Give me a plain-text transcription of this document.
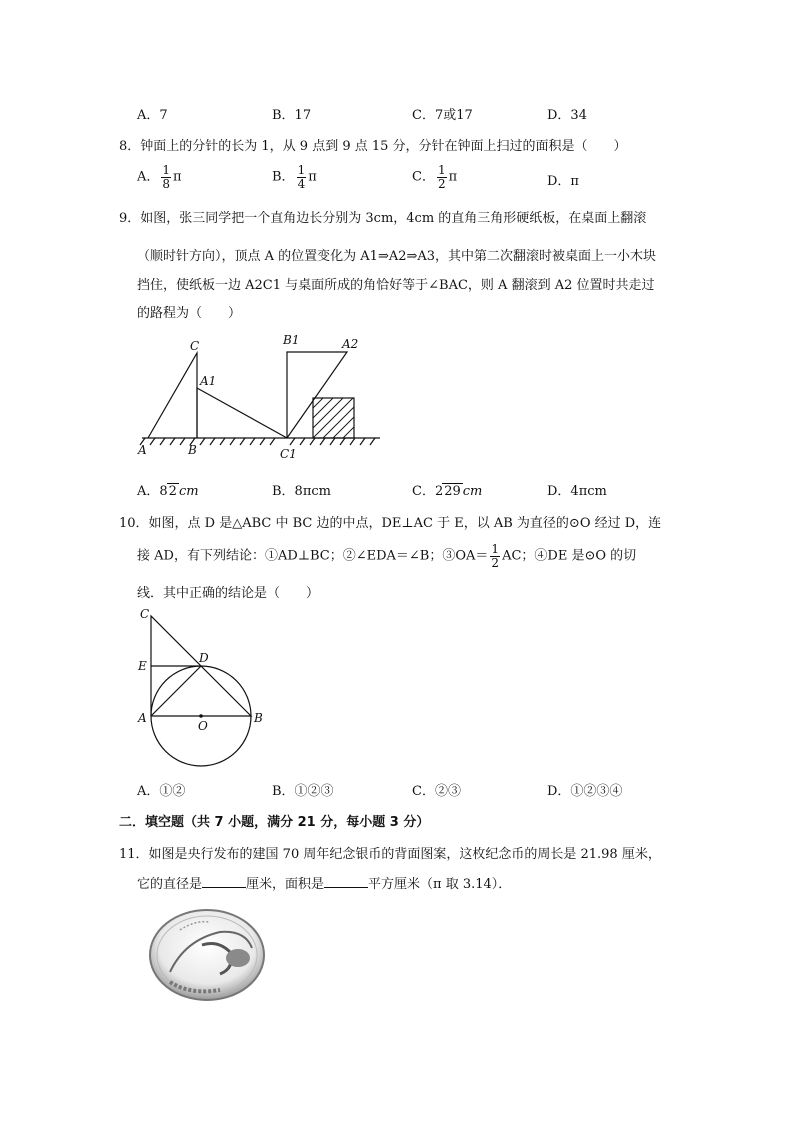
A．7	B．17	C．7或17	D．34
8．钟面上的分针的长为 1，从 9 点到 9 点 15 分，分针在钟面上扫过的面积是（　　）
A． $\frac{1}{8}$ π	B． $\frac{1}{4}$ π	C． $\frac{1}{2}$ π	D．π
9．如图，张三同学把一个直角边长分别为 3cm，4cm 的直角三角形硬纸板，在桌面上翻滚
（顺时针方向），顶点 A 的位置变化为 A1⇒A2⇒A3，其中第二次翻滚时被桌面上一小木块
挡住，使纸板一边 A2C1 与桌面所成的角恰好等于∠BAC，则 A 翻滚到 A2 位置时共走过
的路程为（　　）
C
A1
B1	A2
A	B	C1
A．82 cm	B．8πcm	C．229 cm	D．4πcm
10．如图，点 D 是△ABC 中 BC 边的中点，DE⊥AC 于 E，以 AB 为直径的⊙O 经过 D，连
接 AD，有下列结论：①AD⊥BC；②∠EDA＝∠B；③OA＝ $\frac{1}{2}$ AC；④DE 是⊙O 的切
线．其中正确的结论是（　　）
C
E
D
A	B
O
A．①②	B．①②③	C．②③	D．①②③④
二．填空题（共 7 小题，满分 21 分，每小题 3 分）
11．如图是央行发布的建国 70 周年纪念银币的背面图案，这枚纪念币的周长是 21.98 厘米，
它的直径是	厘米，面积是	平方厘米（π 取 3.14）．
